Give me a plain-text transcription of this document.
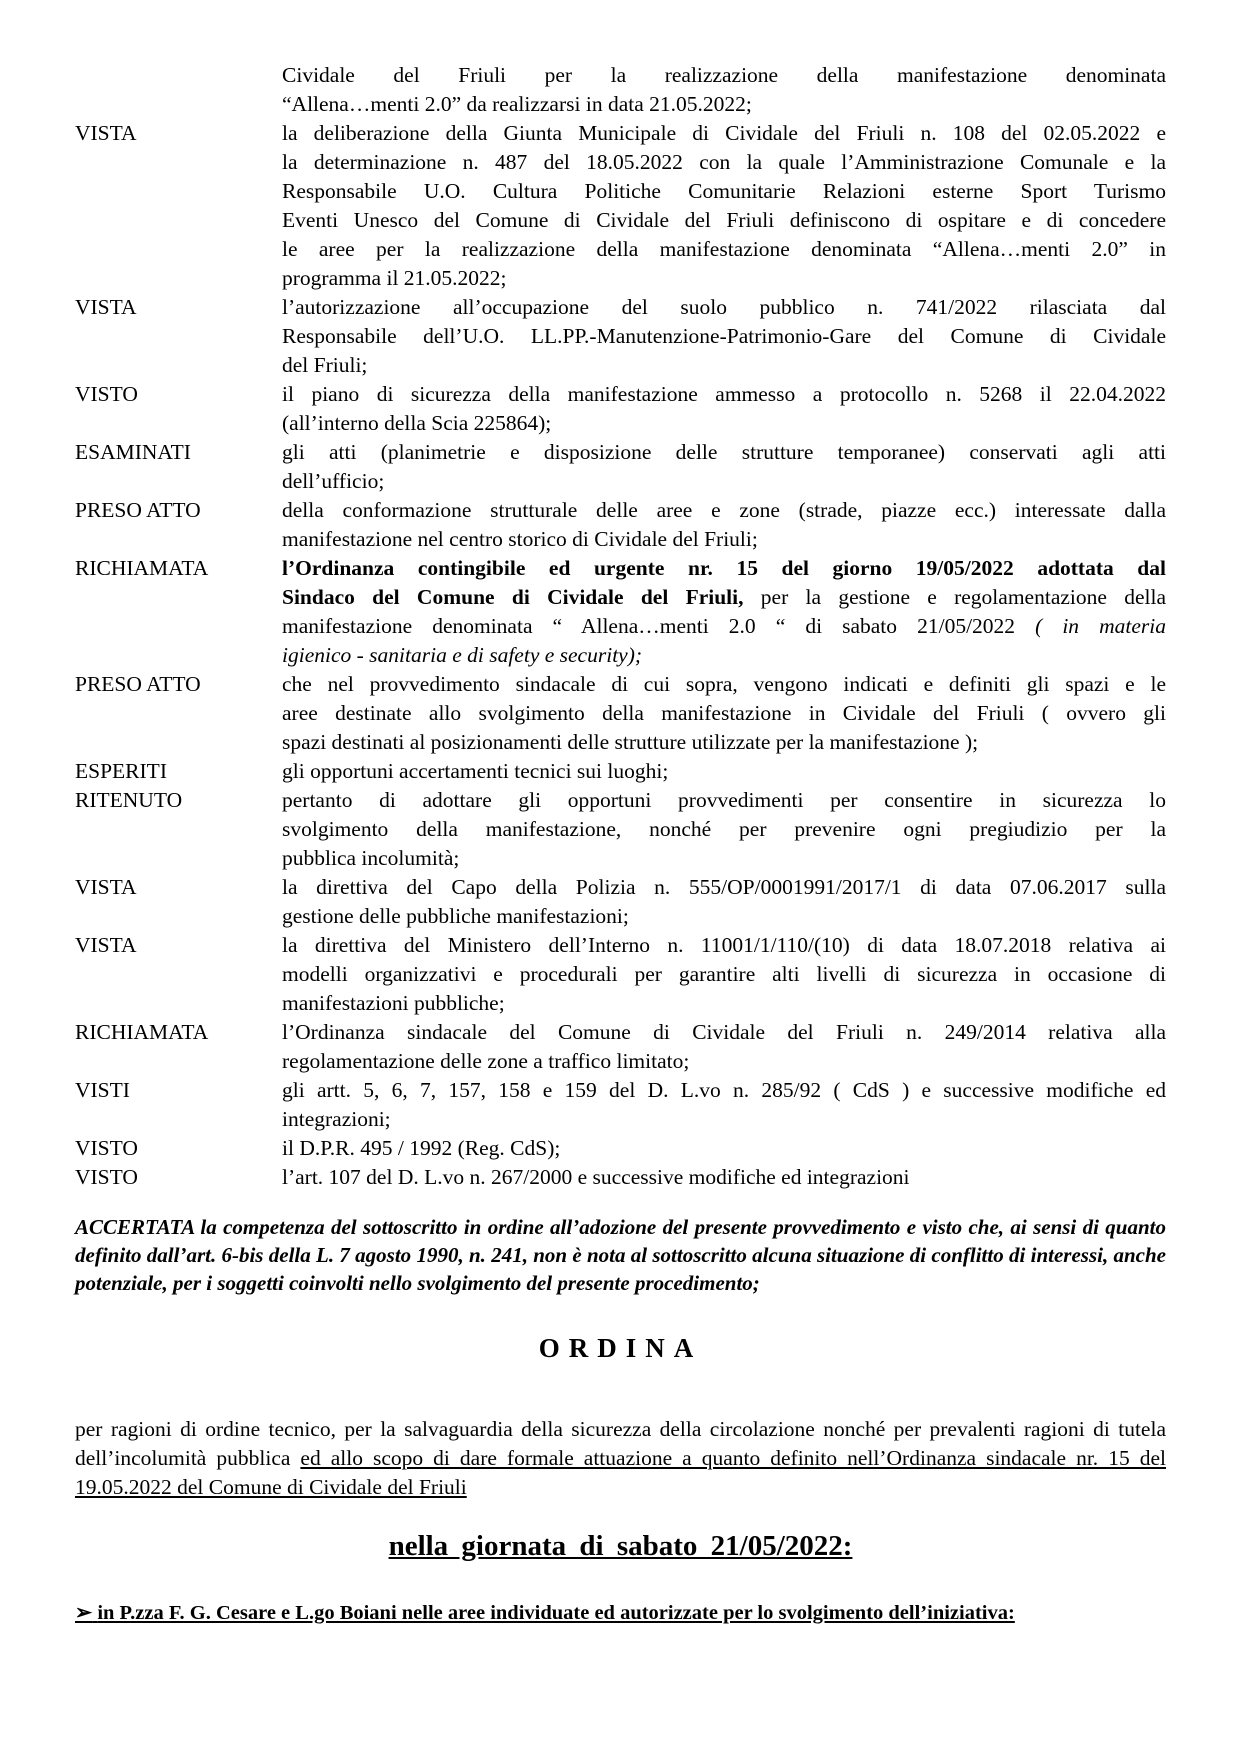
Cividale del Friuli per la realizzazione della manifestazione denominata
“Allena…menti 2.0” da realizzarsi in data 21.05.2022;
VISTA	la deliberazione della Giunta Municipale di Cividale del Friuli n. 108 del 02.05.2022 e
la determinazione n. 487 del 18.05.2022 con la quale l’Amministrazione Comunale e la
Responsabile U.O. Cultura Politiche Comunitarie Relazioni esterne Sport Turismo
Eventi Unesco del Comune di Cividale del Friuli definiscono di ospitare e di concedere
le aree per la realizzazione della manifestazione denominata “Allena…menti 2.0” in
programma il 21.05.2022;
VISTA	l’autorizzazione all’occupazione del suolo pubblico n. 741/2022 rilasciata dal
Responsabile dell’U.O. LL.PP.-Manutenzione-Patrimonio-Gare del Comune di Cividale
del Friuli;
VISTO	il piano di sicurezza della manifestazione ammesso a protocollo n. 5268 il 22.04.2022
(all’interno della Scia 225864);
ESAMINATI	gli atti (planimetrie e disposizione delle strutture temporanee) conservati agli atti
dell’ufficio;
PRESO ATTO	della conformazione strutturale delle aree e zone (strade, piazze ecc.) interessate dalla
manifestazione nel centro storico di Cividale del Friuli;
RICHIAMATA	l’Ordinanza contingibile ed urgente nr. 15 del giorno 19/05/2022 adottata dal
Sindaco del Comune di Cividale del Friuli, per la gestione e regolamentazione della
manifestazione denominata “ Allena…menti 2.0 “ di sabato 21/05/2022 ( in materia
igienico - sanitaria e di safety e security);
PRESO ATTO	che nel provvedimento sindacale di cui sopra, vengono indicati e definiti gli spazi e le
aree destinate allo svolgimento della manifestazione in Cividale del Friuli ( ovvero gli
spazi destinati al posizionamenti delle strutture utilizzate per la manifestazione );
ESPERITI	gli opportuni accertamenti tecnici sui luoghi;
RITENUTO	pertanto di adottare gli opportuni provvedimenti per consentire in sicurezza lo
svolgimento della manifestazione, nonché per prevenire ogni pregiudizio per la
pubblica incolumità;
VISTA	la direttiva del Capo della Polizia n. 555/OP/0001991/2017/1 di data 07.06.2017 sulla
gestione delle pubbliche manifestazioni;
VISTA	la direttiva del Ministero dell’Interno n. 11001/1/110/(10) di data 18.07.2018 relativa ai
modelli organizzativi e procedurali per garantire alti livelli di sicurezza in occasione di
manifestazioni pubbliche;
RICHIAMATA	l’Ordinanza sindacale del Comune di Cividale del Friuli n. 249/2014 relativa alla
regolamentazione delle zone a traffico limitato;
VISTI	gli artt. 5, 6, 7, 157, 158 e 159 del D. L.vo n. 285/92 ( CdS ) e successive modifiche ed
integrazioni;
VISTO	il D.P.R. 495 / 1992 (Reg. CdS);
VISTO	l’art. 107 del D. L.vo n. 267/2000 e successive modifiche ed integrazioni
ACCERTATA la competenza del sottoscritto in ordine all’adozione del presente provvedimento e visto che, ai sensi di quanto definito dall’art. 6-bis della L. 7 agosto 1990, n. 241, non è nota al sottoscritto alcuna situazione di conflitto di interessi, anche potenziale, per i soggetti coinvolti nello svolgimento del presente procedimento;
ORDINA
per ragioni di ordine tecnico, per la salvaguardia della sicurezza della circolazione nonché per prevalenti ragioni di tutela dell’incolumità pubblica ed allo scopo di dare formale attuazione a quanto definito nell’Ordinanza sindacale nr. 15 del 19.05.2022 del Comune di Cividale del Friuli
nella giornata di sabato 21/05/2022:
➢ in P.zza F. G. Cesare e L.go Boiani nelle aree individuate ed autorizzate per lo svolgimento dell’iniziativa:
